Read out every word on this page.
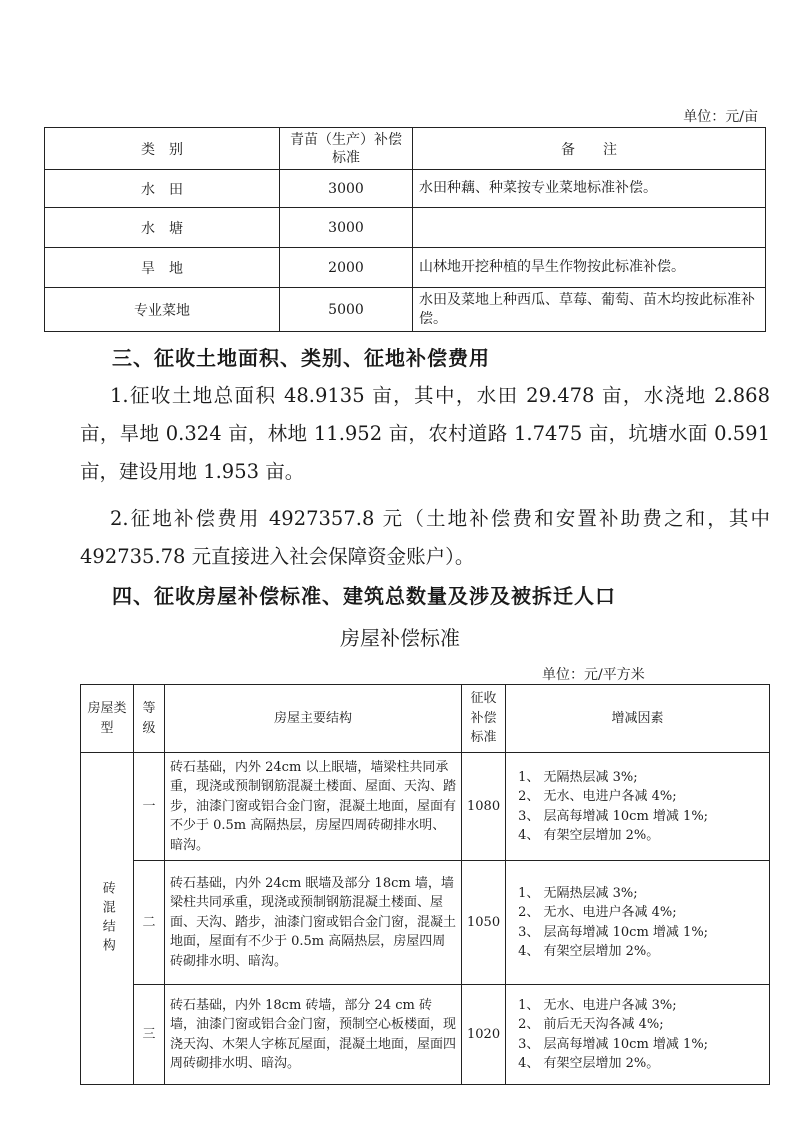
单位：元/亩
类　别	青苗（生产）补偿标准	备　　注
水　田	3000	水田种藕、种菜按专业菜地标准补偿。
水　塘	3000	
旱　地	2000	山林地开挖种植的旱生作物按此标准补偿。
专业菜地	5000	水田及菜地上种西瓜、草莓、葡萄、苗木均按此标准补偿。
三、征收土地面积、类别、征地补偿费用
1.征收土地总面积 48.9135 亩，其中，水田 29.478 亩，水浇地 2.868 亩，旱地 0.324 亩，林地 11.952 亩，农村道路 1.7475 亩，坑塘水面 0.591 亩，建设用地 1.953 亩。
2.征地补偿费用 4927357.8 元（土地补偿费和安置补助费之和，其中 492735.78 元直接进入社会保障资金账户）。
四、征收房屋补偿标准、建筑总数量及涉及被拆迁人口
房屋补偿标准
单位：元/平方米
房屋类型	等级	房屋主要结构	征收补偿标准	增减因素

砖混结构	一	砖石基础，内外 24cm 以上眠墙，墙梁柱共同承重，现浇或预制钢筋混凝土楼面、屋面、天沟、踏步，油漆门窗或铝合金门窗，混凝土地面，屋面有不少于 0.5m 高隔热层，房屋四周砖砌排水明、暗沟。	1080	1、 无隔热层减 3%;
2、 无水、电进户各减 4%;
3、 层高每增减 10cm 增减 1%;
4、 有架空层增加 2%。

	二	砖石基础，内外 24cm 眠墙及部分 18cm 墙，墙梁柱共同承重，现浇或预制钢筋混凝土楼面、屋面、天沟、踏步，油漆门窗或铝合金门窗，混凝土地面，屋面有不少于 0.5m 高隔热层，房屋四周砖砌排水明、暗沟。	1050	1、 无隔热层减 3%;
2、 无水、电进户各减 4%;
3、 层高每增减 10cm 增减 1%;
4、 有架空层增加 2%。

	三	砖石基础，内外 18cm 砖墙，部分 24 cm 砖墙，油漆门窗或铝合金门窗，预制空心板楼面，现浇天沟、木架人字栋瓦屋面，混凝土地面，屋面四周砖砌排水明、暗沟。	1020	1、 无水、电进户各减 3%;
2、 前后无天沟各减 4%;
3、 层高每增减 10cm 增减 1%;
4、 有架空层增加 2%。
